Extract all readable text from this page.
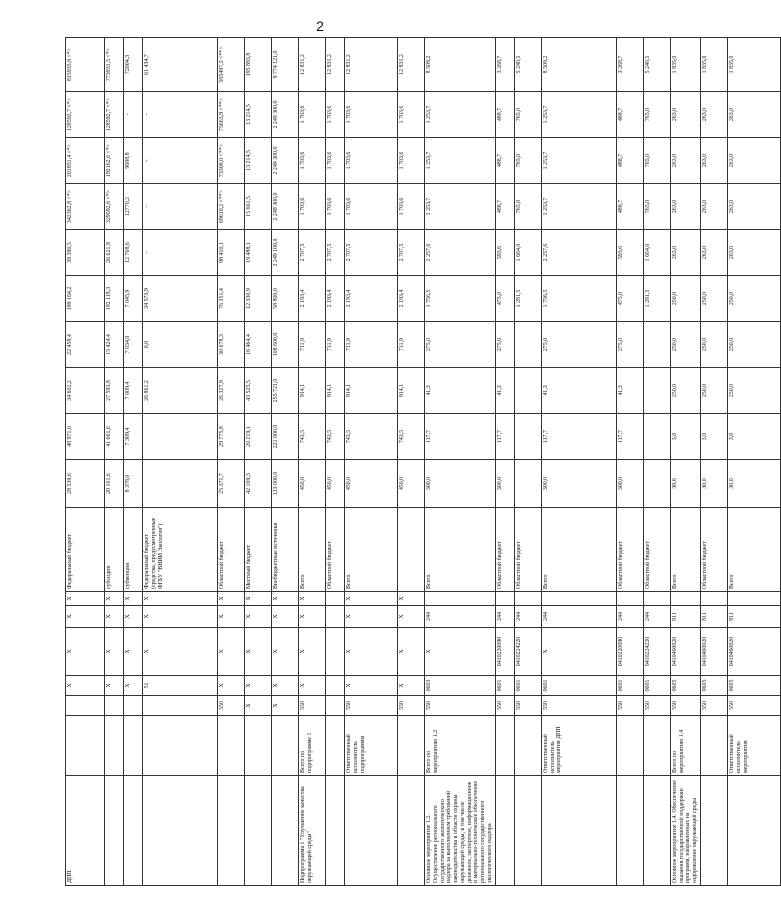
2
ДПП			Х	Х	Х	Х	Федеральный бюджет	28 539,6	48 971,0	34 602,2	22 458,4	199 164,2	39 390,5	342362,8 <*>	201851,4 <*>	128592,7 <*>	815935,8 <*>
			Х	Х	Х	Х	субсидии	20 161,6	41 661,6	27 593,8	15 424,4	192 118,3	26 621,9	329592,6 <*>	192162,6 <*>	128592,7 <*>	773931,5 <*>
			Х	Х	Х	Х	субвенции	8 378,0	7 309,4	7 009,4	7 034,0	7 045,9	12 768,6	12770,2	9688,8	-	72004,3
			51	Х	Х	Х	Федеральный бюджет (средства, предусмотренные ФГБУ "ВНИИ Экология")			26 861,2	0,0	34 573,9	-	-	-	-	61 434,7
		550	Х	Х	Х	Х	Областной бюджет	25 371,7	29 775,8	26 327,9	30 678,3	76 351,4	98 410,1	69610,2 <**>	73308,0 <**>	75663,9 <**>	505497,3 <**>
		Х	Х	Х	Х	Х	Местный бюджет	42 169,3	20 219,1	43 525,5	16 464,4	12 330,9	19 488,1	15 661,5	13 214,5	13 214,5	195 883,8
		Х	Х	Х	Х	Х	Внебюджетные источники	133 000,0	221 000,0	255 721,0	108 600,0	58 800,0	2 249 100,0	2 249 300,0	2 249 300,0	2 249 300,0	9 774 121,0
Подпрограмма 1 "Улучшение качества окружающей среды"	Всего по подпрограмме 1	550	Х	Х	Х	Х	Всего	450,0	743,5	914,1	711,9	2 193,4	2 707,5	1 703,6	1 703,6	1 703,6	12 831,2
							Областной бюджет	450,0	743,5	914,1	711,9	2 193,4	2 707,5	1 703,6	1 703,6	1 703,6	12 831,2
	Ответственный исполнитель подпрограммы	550	Х	Х	Х	Х	Всего	450,0	743,5	914,1	711,9	2 193,4	2 707,5	1 703,6	1 703,6	1 703,6	12 831,2
		550	Х	Х	Х	Х		450,0	743,5	914,1	711,9	2 193,4	2 707,5	1 703,6	1 703,6	1 703,6	12 831,2
Основное мероприятие 1.2. Осуществление регионального государственного экологического надзора за выполнением требований законодательства в области охраны окружающей среды, в том числе денежное, экспертное, информационное и материально-техническое обеспечение регионального государственного экологического надзора	Всего по мероприятию 1.2	550	0603	Х	244		Всего	300,0	117,7	41,3	275,0	1 756,5	2 257,6	1 253,7	1 253,7	1 253,7	8 509,2
		550	0601	0410220090	244		Областной бюджет	300,0	117,7	41,3	275,0	475,0	593,6	488,7	488,7	488,7	3 268,7
		550	0601	0410224220	244		Областной бюджет					1 281,5	1 664,0	765,0	765,0	765,0	5 240,5
	Ответственный исполнитель мероприятия ДПП	550	0601	Х	244		Всего	300,0	117,7	41,3	275,0	1 756,5	2 257,6	1 253,7	1 253,7	1 253,7	8 509,2
		550	0601	0410220090	244		Областной бюджет	300,0	117,7	41,3	275,0	475,0	593,6	488,7	488,7	488,7	3 268,7
		550	0601	0410224220	244		Областной бюджет					1 281,5	1 664,0	765,0	765,0	765,0	5 240,5
Основное мероприятие 1.4. Обеспечение оказания государственной поддержки программ, направленных на оздоровление окружающей среды	Всего по мероприятию 1.4	550	0605	0410460020	811		Всего	30,0	3,0	250,0	250,0	250,0	263,0	263,0	263,0	263,0	1 835,0
		550	0605	0410460020	811		Областной бюджет	30,0	3,0	250,0	250,0	250,0	263,0	263,0	263,0	263,0	1 835,0
	Ответственный исполнитель мероприятия	550	0605	0410460020	811		Всего	30,0	3,0	250,0	250,0	250,0	263,0	263,0	263,0	263,0	1 835,0
